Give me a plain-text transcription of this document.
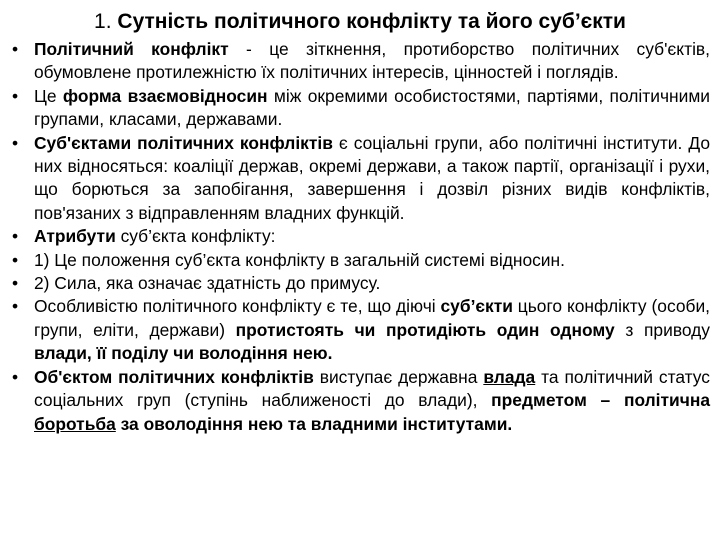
1. Сутність політичного конфлікту та його суб’єкти
• Політичний конфлікт - це зіткнення, протиборство політичних суб'єктів, обумовлене протилежністю їх політичних інтересів, цінностей і поглядів.
• Це форма взаємовідносин між окремими особистостями, партіями, політичними групами, класами, державами.
• Суб'єктами політичних конфліктів є соціальні групи, або політичні інститути. До них відносяться: коаліції держав, окремі держави, а також партії, організації і рухи, що борються за запобігання, завершення і дозвіл різних видів конфліктів, пов'язаних з відправленням владних функцій.
• Атрибути суб’єкта конфлікту:
• 1) Це положення суб’єкта конфлікту в загальній системі відносин.
• 2) Сила, яка означає здатність до примусу.
• Особливістю політичного конфлікту є те, що діючі суб’єкти цього конфлікту (особи, групи, еліти, держави) протистоять чи протидіють один одному з приводу влади, її поділу чи володіння нею.
• Об'єктом політичних конфліктів виступає державна влада та політичний статус соціальних груп (ступінь наближеності до влади), предметом – політична боротьба за оволодіння нею та владними інститутами.
